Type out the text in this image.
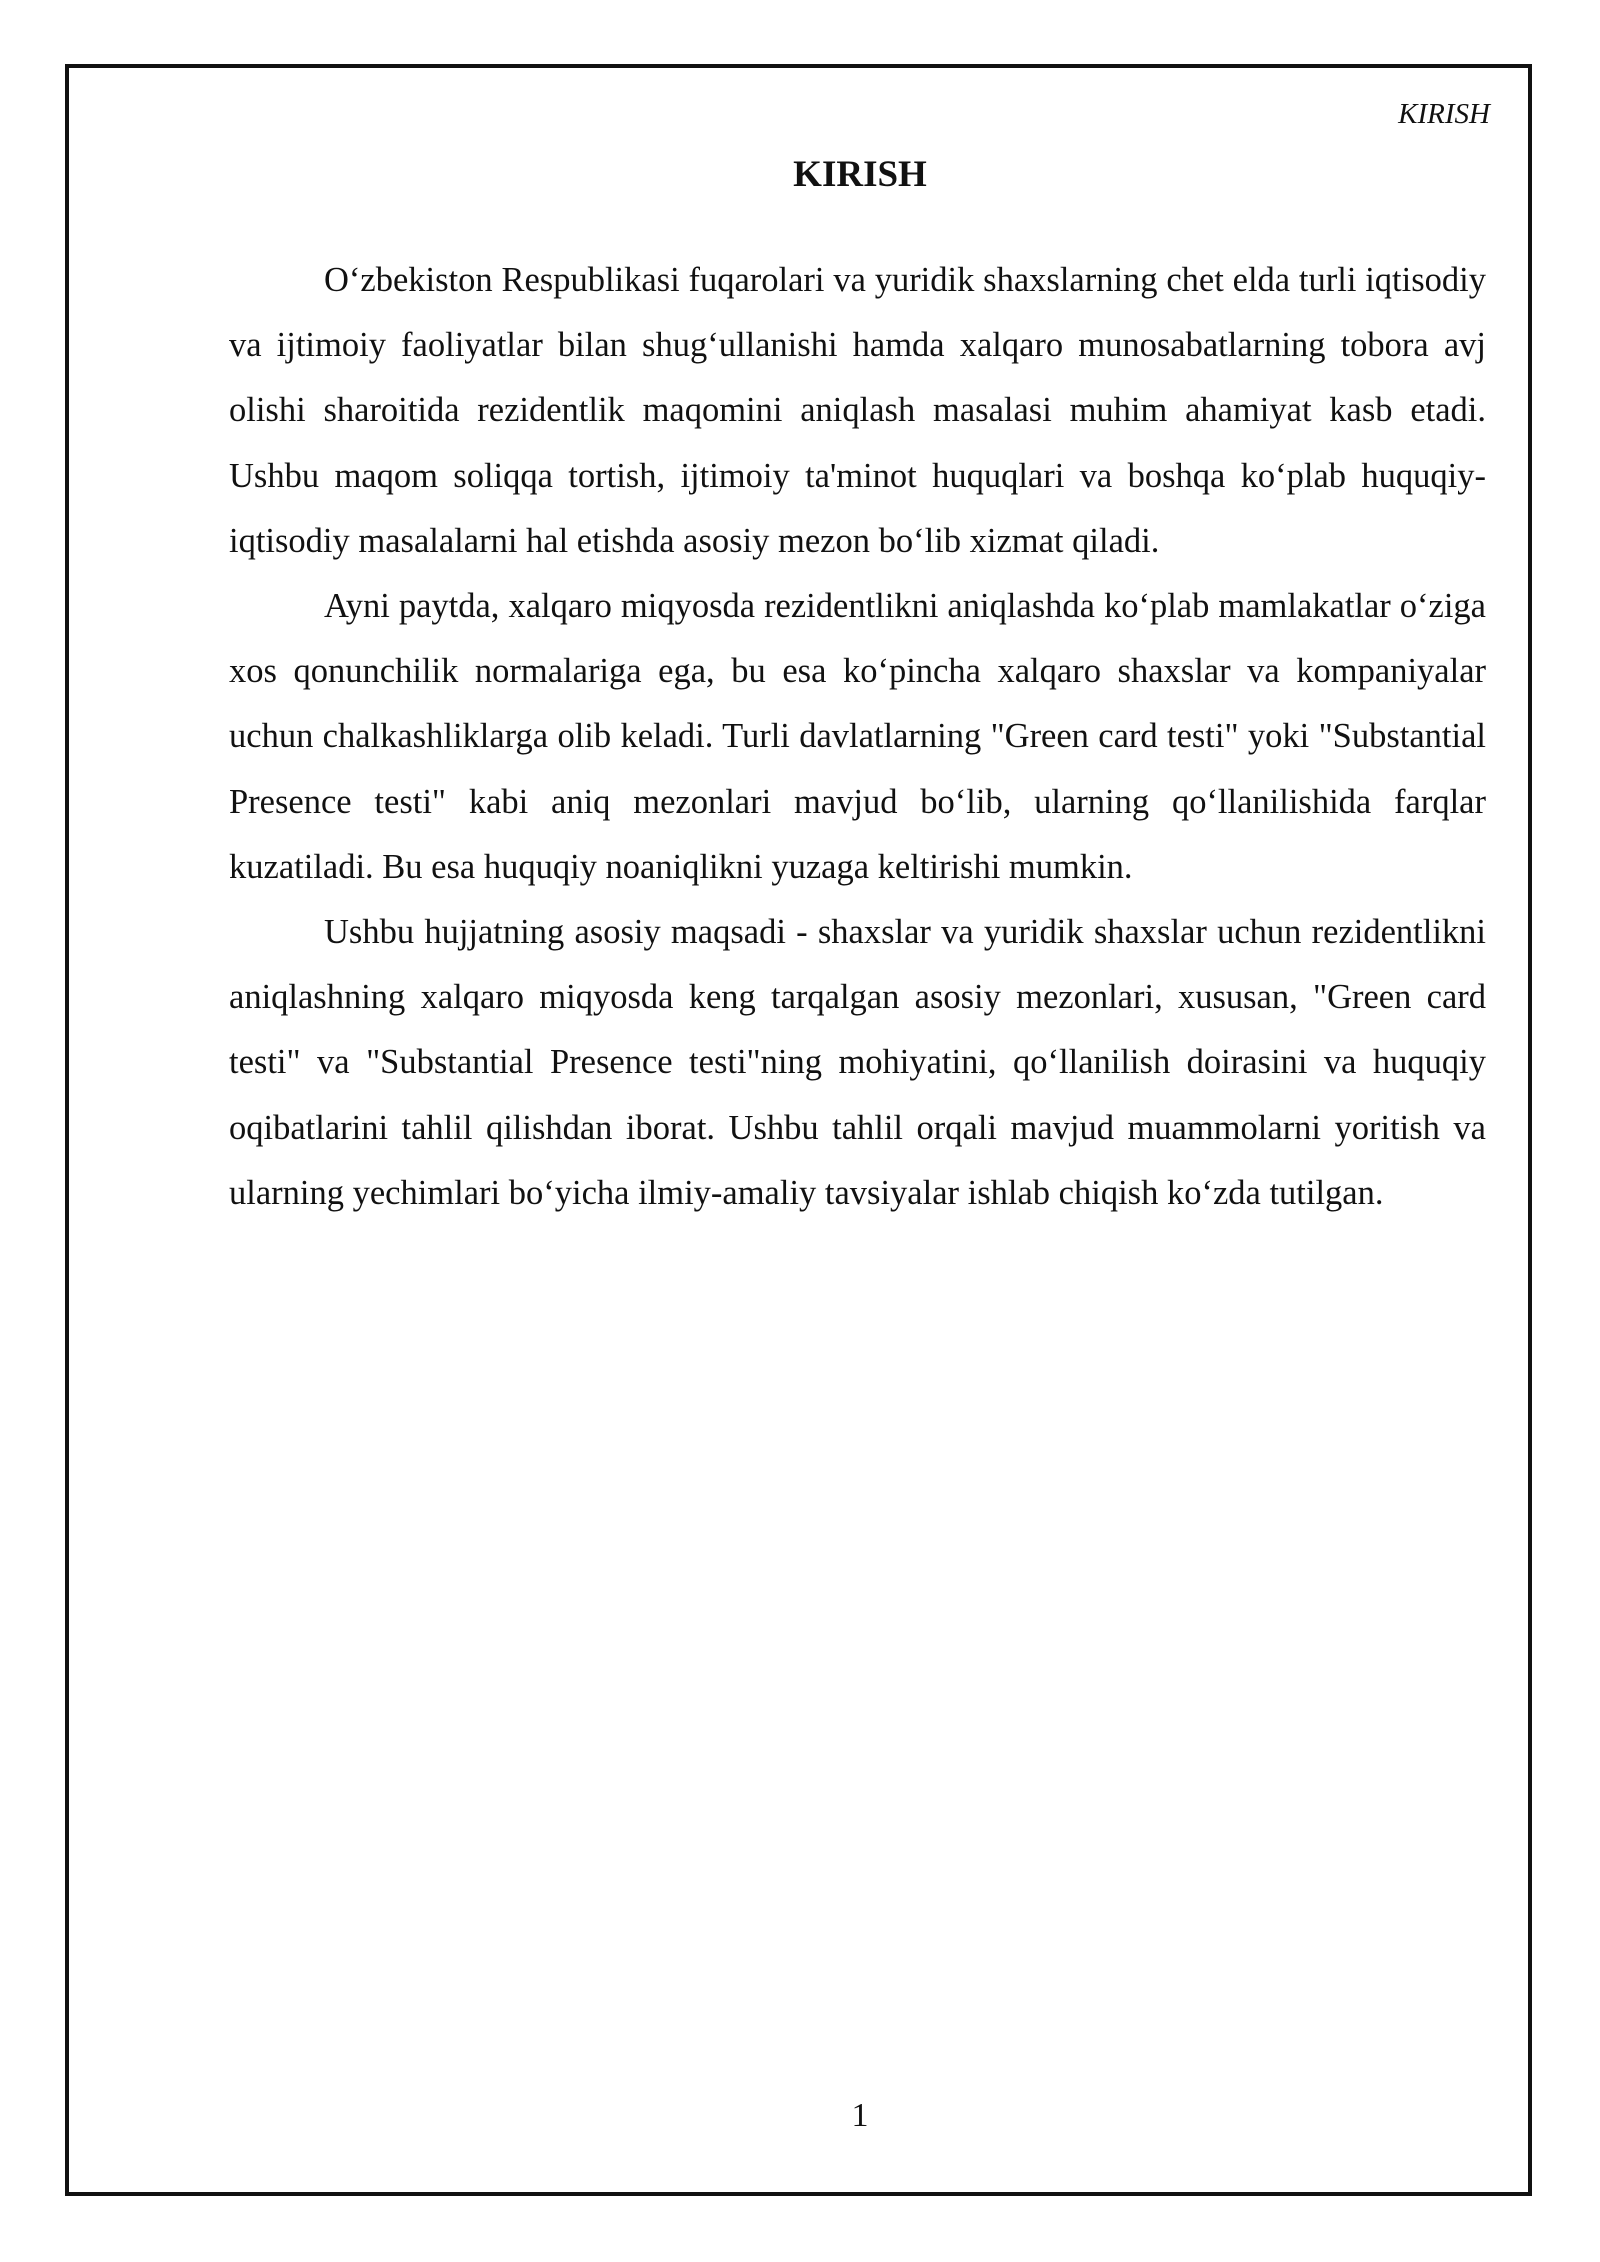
KIRISH
KIRISH

O‘zbekiston Respublikasi fuqarolari va yuridik shaxslarning chet elda turli iqtisodiy va ijtimoiy faoliyatlar bilan shug‘ullanishi hamda xalqaro munosabatlarning tobora avj olishi sharoitida rezidentlik maqomini aniqlash masalasi muhim ahamiyat kasb etadi. Ushbu maqom soliqqa tortish, ijtimoiy ta'minot huquqlari va boshqa ko‘plab huquqiy-iqtisodiy masalalarni hal etishda asosiy mezon bo‘lib xizmat qiladi.

Ayni paytda, xalqaro miqyosda rezidentlikni aniqlashda ko‘plab mamlakatlar o‘ziga xos qonunchilik normalariga ega, bu esa ko‘pincha xalqaro shaxslar va kompaniyalar uchun chalkashliklarga olib keladi. Turli davlatlarning "Green card testi" yoki "Substantial Presence testi" kabi aniq mezonlari mavjud bo‘lib, ularning qo‘llanilishida farqlar kuzatiladi. Bu esa huquqiy noaniqlikni yuzaga keltirishi mumkin.

Ushbu hujjatning asosiy maqsadi - shaxslar va yuridik shaxslar uchun rezidentlikni aniqlashning xalqaro miqyosda keng tarqalgan asosiy mezonlari, xususan, "Green card testi" va "Substantial Presence testi"ning mohiyatini, qo‘llanilish doirasini va huquqiy oqibatlarini tahlil qilishdan iborat. Ushbu tahlil orqali mavjud muammolarni yoritish va ularning yechimlari bo‘yicha ilmiy-amaliy tavsiyalar ishlab chiqish ko‘zda tutilgan.

1
